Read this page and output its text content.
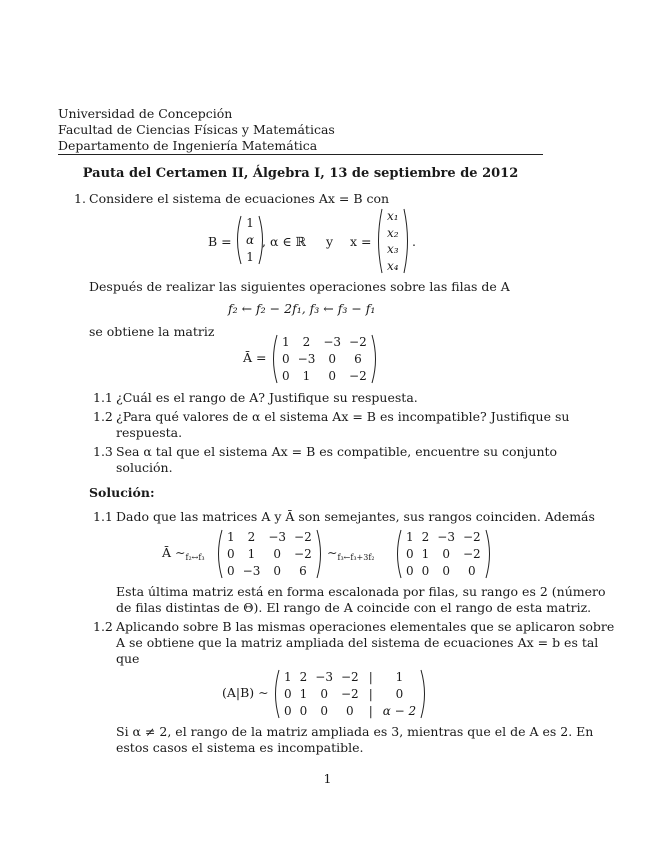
Universidad de Concepción
Facultad de Ciencias Físicas y Matemáticas
Departamento de Ingeniería Matemática
Pauta del Certamen II, Álgebra I, 13 de septiembre de 2012
1. Considere el sistema de ecuaciones Ax = B con
B =
1
α
1
, α ∈ ℝ y x =
x₁
x₂
x₃
x₄
.
Después de realizar las siguientes operaciones sobre las filas de A
f₂ ← f₂ − 2f₁, f₃ ← f₃ − f₁
se obtiene la matriz
Ā =
1	2	−3	−2
0	−3	0	6
0	1	0	−2
1.1 ¿Cuál es el rango de A? Justifique su respuesta.
1.2 ¿Para qué valores de α el sistema Ax = B es incompatible? Justifique su
respuesta.
1.3 Sea α tal que el sistema Ax = B es compatible, encuentre su conjunto
solución.
Solución:
1.1 Dado que las matrices A y Ā son semejantes, sus rangos coinciden. Además
Ā $\sim_{f_2\leftrightarrow f_3}$
1	2	−3	−2
0	1	0	−2
0	−3	0	6
$\sim_{f_3\leftarrow f_3+3f_2}$
1	2	−3	−2
0	1	0	−2
0	0	0	0
Esta última matriz está en forma escalonada por filas, su rango es 2 (número
de filas distintas de Θ). El rango de A coincide con el rango de esta matriz.
1.2 Aplicando sobre B las mismas operaciones elementales que se aplicaron sobre
A se obtiene que la matriz ampliada del sistema de ecuaciones Ax = b es tal
que
(A|B) ∼
1	2	−3	−2	|	1
0	1	0	−2	|	0
0	0	0	0	|	α − 2
Si α ≠ 2, el rango de la matriz ampliada es 3, mientras que el de A es 2. En
estos casos el sistema es incompatible.
1
